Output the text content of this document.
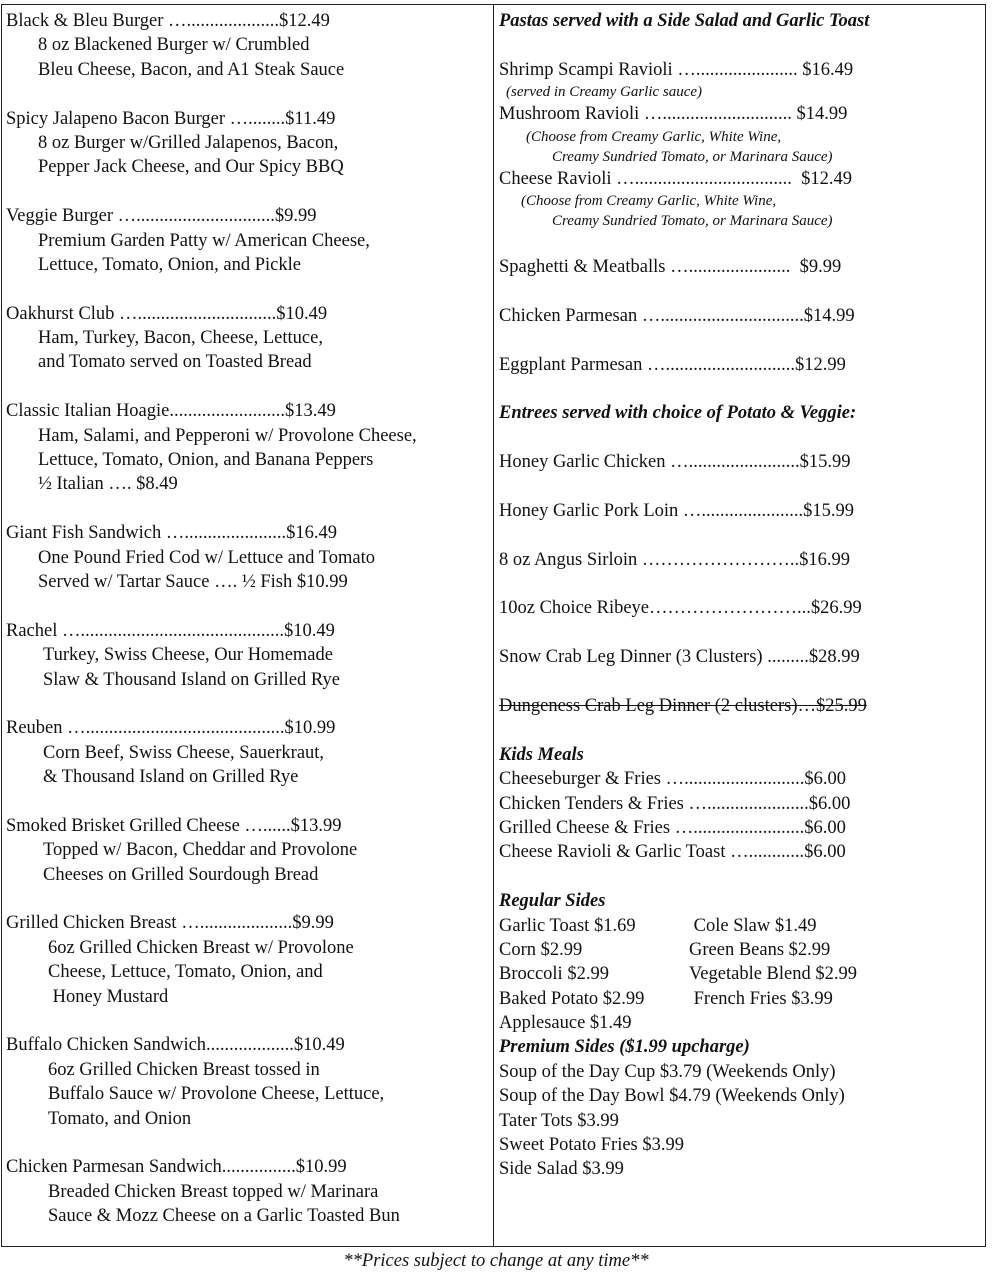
Black & Bleu Burger …....................$12.49
8 oz Blackened Burger w/ Crumbled
Bleu Cheese, Bacon, and A1 Steak Sauce
Spicy Jalapeno Bacon Burger …........$11.49
8 oz Burger w/Grilled Jalapenos, Bacon,
Pepper Jack Cheese, and Our Spicy BBQ
Veggie Burger …..............................$9.99
Premium Garden Patty w/ American Cheese,
Lettuce, Tomato, Onion, and Pickle
Oakhurst Club …..............................$10.49
Ham, Turkey, Bacon, Cheese, Lettuce,
and Tomato served on Toasted Bread
Classic Italian Hoagie.........................$13.49
Ham, Salami, and Pepperoni w/ Provolone Cheese,
Lettuce, Tomato, Onion, and Banana Peppers
½ Italian …. $8.49
Giant Fish Sandwich …......................$16.49
One Pound Fried Cod w/ Lettuce and Tomato
Served w/ Tartar Sauce …. ½ Fish $10.99
Rachel …............................................$10.49
Turkey, Swiss Cheese, Our Homemade
Slaw & Thousand Island on Grilled Rye
Reuben …...........................................$10.99
Corn Beef, Swiss Cheese, Sauerkraut,
& Thousand Island on Grilled Rye
Smoked Brisket Grilled Cheese …......$13.99
Topped w/ Bacon, Cheddar and Provolone
Cheeses on Grilled Sourdough Bread
Grilled Chicken Breast …....................$9.99
6oz Grilled Chicken Breast w/ Provolone
Cheese, Lettuce, Tomato, Onion, and
Honey Mustard
Buffalo Chicken Sandwich...................$10.49
6oz Grilled Chicken Breast tossed in
Buffalo Sauce w/ Provolone Cheese, Lettuce,
Tomato, and Onion
Chicken Parmesan Sandwich................$10.99
Breaded Chicken Breast topped w/ Marinara
Sauce & Mozz Cheese on a Garlic Toasted Bun
Pastas served with a Side Salad and Garlic Toast
Shrimp Scampi Ravioli …...................... $16.49
(served in Creamy Garlic sauce)
Mushroom Ravioli …............................ $14.99
(Choose from Creamy Garlic, White Wine,
Creamy Sundried Tomato, or Marinara Sauce)
Cheese Ravioli …..................................  $12.49
(Choose from Creamy Garlic, White Wine,
Creamy Sundried Tomato, or Marinara Sauce)
Spaghetti & Meatballs …......................  $9.99
Chicken Parmesan …...............................$14.99
Eggplant Parmesan …............................$12.99
Entrees served with choice of Potato & Veggie:
Honey Garlic Chicken …........................$15.99
Honey Garlic Pork Loin …......................$15.99
8 oz Angus Sirloin ……………………..$16.99
10oz Choice Ribeye……………………...$26.99
Snow Crab Leg Dinner (3 Clusters) .........$28.99
Dungeness Crab Leg Dinner (2 clusters)…$25.99
Kids Meals
Cheeseburger & Fries …..........................$6.00
Chicken Tenders & Fries …......................$6.00
Grilled Cheese & Fries …........................$6.00
Cheese Ravioli & Garlic Toast …............$6.00
Regular Sides
Garlic Toast $1.69	Cole Slaw $1.49
Corn $2.99	Green Beans $2.99
Broccoli $2.99	Vegetable Blend $2.99
Baked Potato $2.99	French Fries $3.99
Applesauce $1.49
Premium Sides ($1.99 upcharge)
Soup of the Day Cup $3.79 (Weekends Only)
Soup of the Day Bowl $4.79 (Weekends Only)
Tater Tots $3.99
Sweet Potato Fries $3.99
Side Salad $3.99
**Prices subject to change at any time**
